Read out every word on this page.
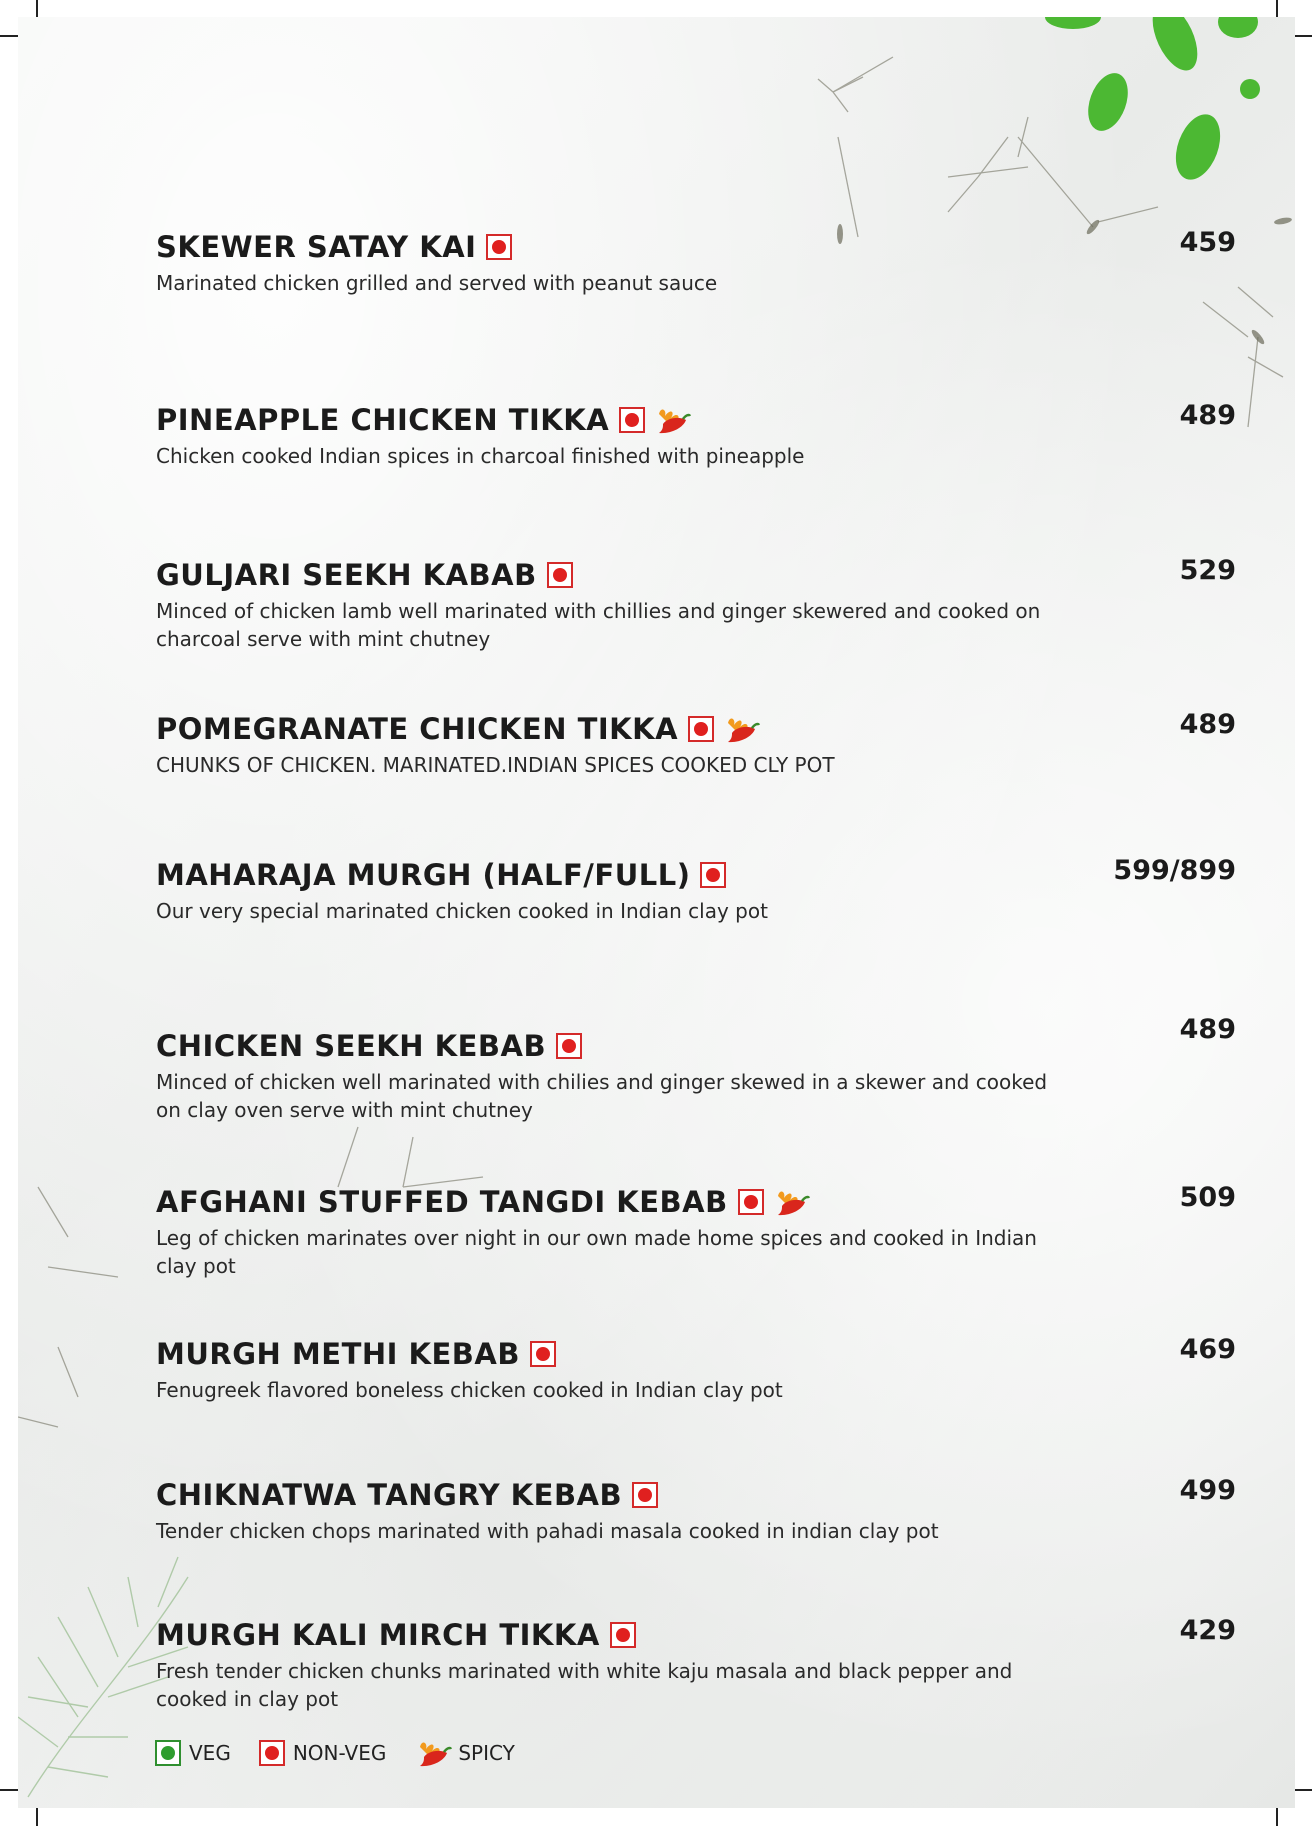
SKEWER SATAY KAI
Marinated chicken grilled and served with peanut sauce
459
PINEAPPLE CHICKEN TIKKA
Chicken cooked Indian spices in charcoal finished with pineapple
489
GULJARI SEEKH KABAB
Minced of chicken lamb well marinated with chillies and ginger skewered and cooked on charcoal serve with mint chutney
529
POMEGRANATE CHICKEN TIKKA
CHUNKS OF CHICKEN. MARINATED.INDIAN SPICES COOKED CLY POT
489
MAHARAJA MURGH (HALF/FULL)
Our very special marinated chicken cooked in Indian clay pot
599/899
CHICKEN SEEKH KEBAB
Minced of chicken well marinated with chilies and ginger skewed in a skewer and cooked on clay oven serve with mint chutney
489
AFGHANI STUFFED TANGDI KEBAB
Leg of chicken marinates over night in our own made home spices and cooked in Indian clay pot
509
MURGH METHI KEBAB
Fenugreek flavored boneless chicken cooked in Indian clay pot
469
CHIKNATWA TANGRY KEBAB
Tender chicken chops marinated with pahadi masala cooked in indian clay pot
499
MURGH KALI MIRCH TIKKA
Fresh tender chicken chunks marinated with white kaju masala and black pepper and cooked in clay pot
429
VEG	NON-VEG	SPICY
